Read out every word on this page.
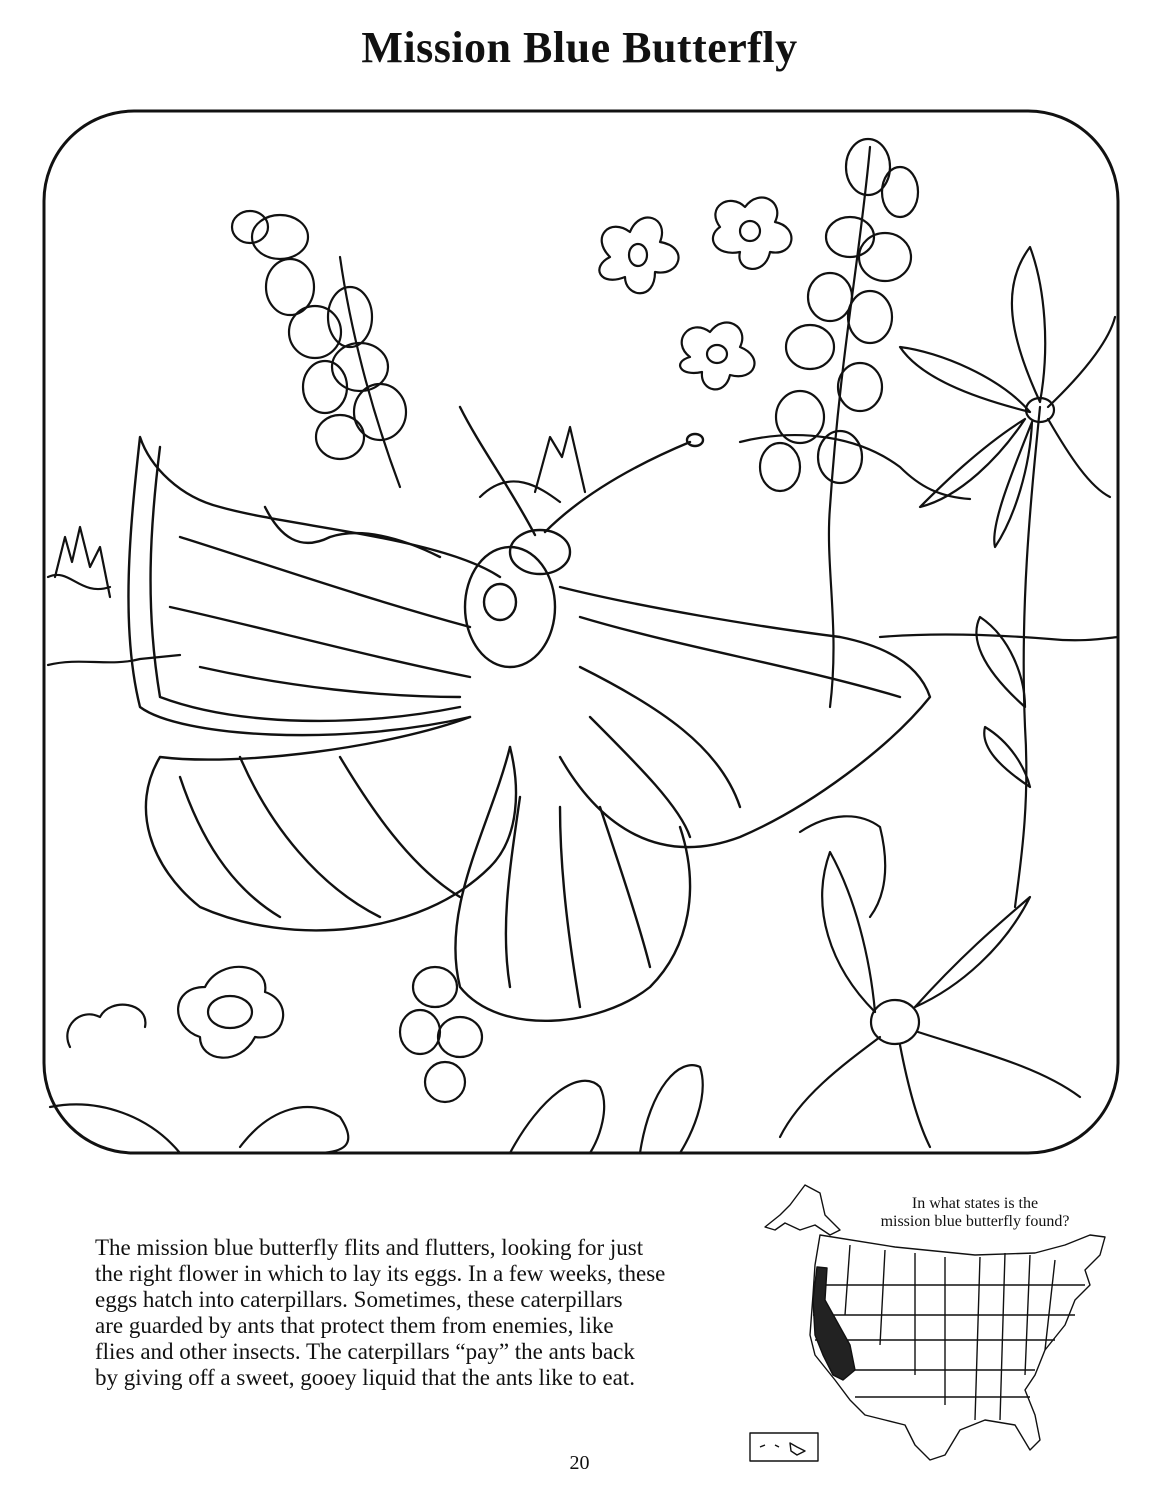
Mission Blue Butterfly
The mission blue butterfly flits and flutters, looking for just
the right flower in which to lay its eggs. In a few weeks, these
eggs hatch into caterpillars. Sometimes, these caterpillars
are guarded by ants that protect them from enemies, like
flies and other insects. The caterpillars “pay” the ants back
by giving off a sweet, gooey liquid that the ants like to eat.
In what states is the
mission blue butterfly found?
20
